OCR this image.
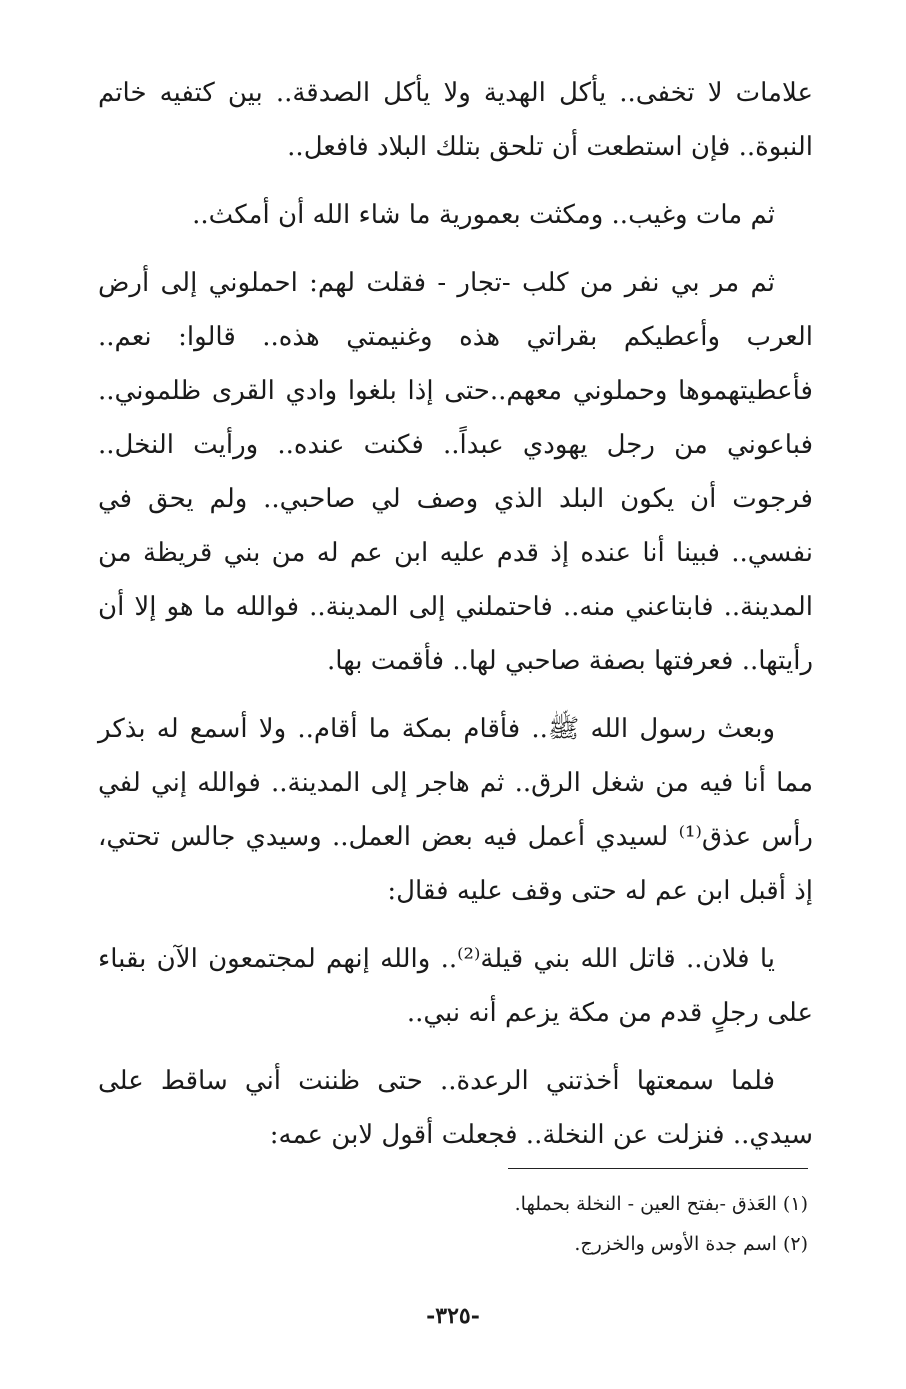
علامات لا تخفى.. يأكل الهدية ولا يأكل الصدقة.. بين كتفيه خاتم النبوة.. فإن استطعت أن تلحق بتلك البلاد فافعل..

ثم مات وغيب.. ومكثت بعمورية ما شاء الله أن أمكث..

ثم مر بي نفر من كلب -تجار - فقلت لهم: احملوني إلى أرض العرب وأعطيكم بقراتي هذه وغنيمتي هذه.. قالوا: نعم.. فأعطيتهموها وحملوني معهم..حتى إذا بلغوا وادي القرى ظلموني.. فباعوني من رجل يهودي عبداً.. فكنت عنده.. ورأيت النخل.. فرجوت أن يكون البلد الذي وصف لي صاحبي.. ولم يحق في نفسي.. فبينا أنا عنده إذ قدم عليه ابن عم له من بني قريظة من المدينة.. فابتاعني منه.. فاحتملني إلى المدينة.. فوالله ما هو إلا أن رأيتها.. فعرفتها بصفة صاحبي لها.. فأقمت بها.

وبعث رسول الله ﷺ.. فأقام بمكة ما أقام.. ولا أسمع له بذكر مما أنا فيه من شغل الرق.. ثم هاجر إلى المدينة.. فوالله إني لفي رأس عذق⁽¹⁾ لسيدي أعمل فيه بعض العمل.. وسيدي جالس تحتي، إذ أقبل ابن عم له حتى وقف عليه فقال:

يا فلان.. قاتل الله بني قيلة⁽²⁾.. والله إنهم لمجتمعون الآن بقباء على رجلٍ قدم من مكة يزعم أنه نبي..

فلما سمعتها أخذتني الرعدة.. حتى ظننت أني ساقط على سيدي.. فنزلت عن النخلة.. فجعلت أقول لابن عمه:

(١) العَذق -بفتح العين - النخلة بحملها.

(٢) اسم جدة الأوس والخزرج.

-٣٢٥-
